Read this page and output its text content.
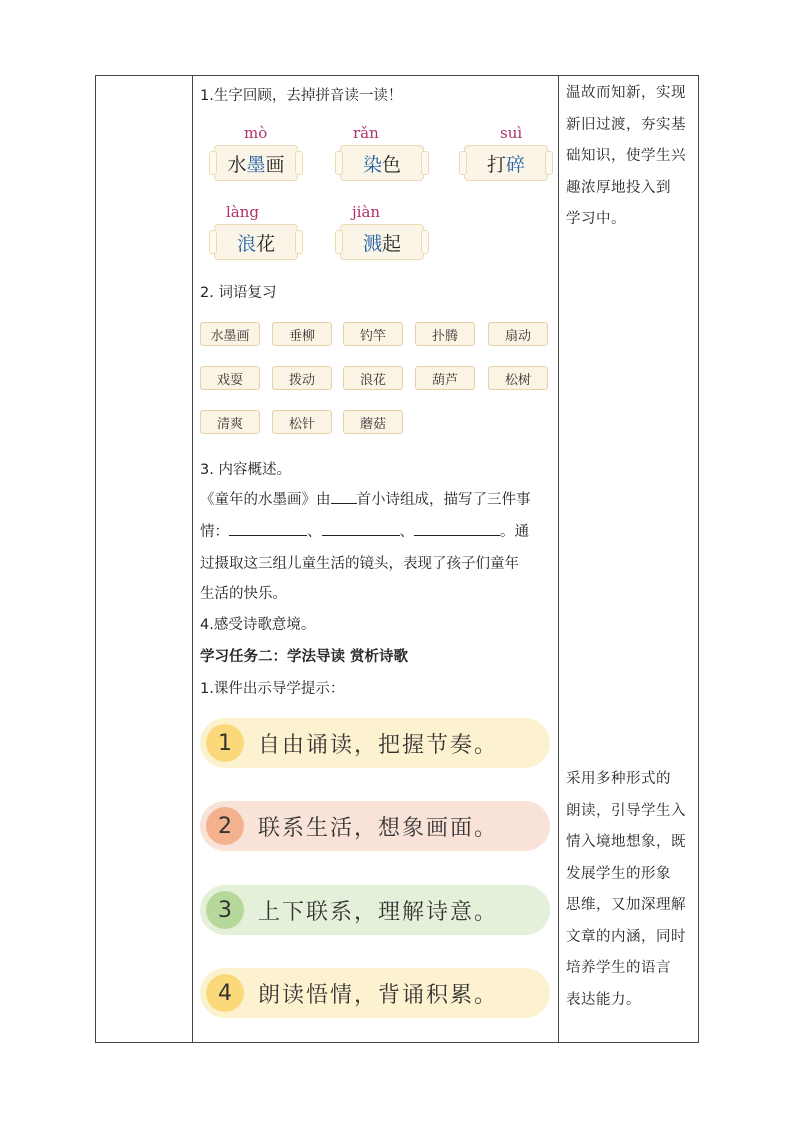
1.生字回顾，去掉拼音读一读！
mò
水 墨 画
rǎn
染 色
suì
打 碎
làng
浪 花
jiàn
溅 起
2. 词语复习
水墨画	垂柳	钓竿	扑腾	扇动
戏耍	拨动	浪花	葫芦	松树
清爽	松针	蘑菇
3. 内容概述。
《童年的水墨画》由 首小诗组成，描写了三件事
情：	、	、	。通
过摄取这三组儿童生活的镜头，表现了孩子们童年
生活的快乐。
4.感受诗歌意境。
学习任务二：学法导读 赏析诗歌
1.课件出示导学提示：
1	自由诵读，把握节奏。
2	联系生活，想象画面。
3	上下联系，理解诗意。
4	朗读悟情，背诵积累。
温故而知新，实现
新旧过渡，夯实基
础知识，使学生兴
趣浓厚地投入到
学习中。
采用多种形式的
朗读，引导学生入
情入境地想象，既
发展学生的形象
思维，又加深理解
文章的内涵，同时
培养学生的语言
表达能力。
